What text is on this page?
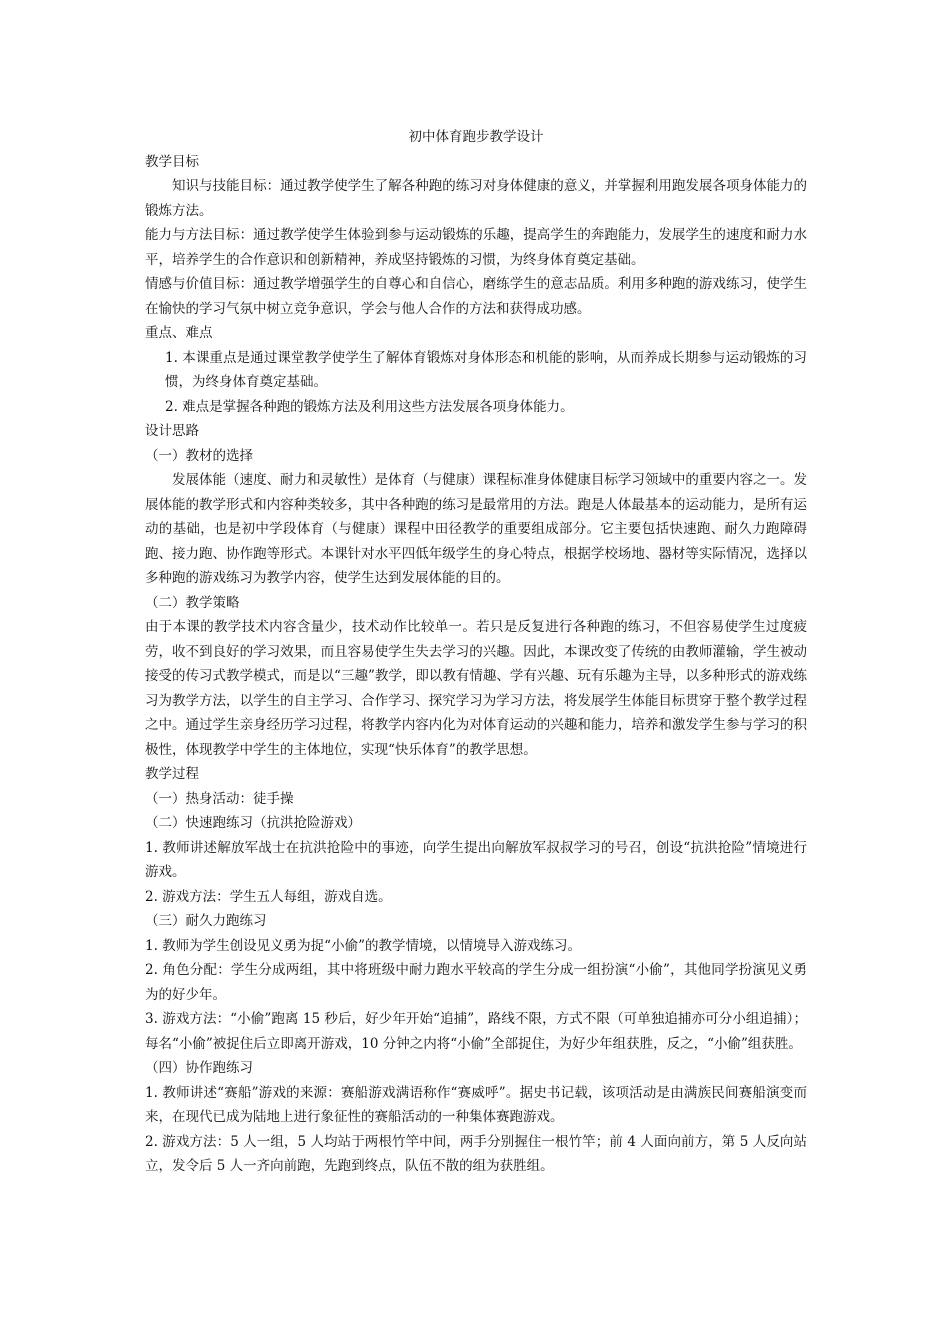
初中体育跑步教学设计

教学目标

知识与技能目标：通过教学使学生了解各种跑的练习对身体健康的意义，并掌握利用跑发展各项身体能力的锻炼方法。

能力与方法目标：通过教学使学生体验到参与运动锻炼的乐趣，提高学生的奔跑能力，发展学生的速度和耐力水平，培养学生的合作意识和创新精神，养成坚持锻炼的习惯，为终身体育奠定基础。

情感与价值目标：通过教学增强学生的自尊心和自信心，磨练学生的意志品质。利用多种跑的游戏练习，使学生在愉快的学习气氛中树立竞争意识，学会与他人合作的方法和获得成功感。

重点、难点

1. 本课重点是通过课堂教学使学生了解体育锻炼对身体形态和机能的影响，从而养成长期参与运动锻炼的习惯，为终身体育奠定基础。

2. 难点是掌握各种跑的锻炼方法及利用这些方法发展各项身体能力。

设计思路

（一）教材的选择

发展体能（速度、耐力和灵敏性）是体育（与健康）课程标准身体健康目标学习领域中的重要内容之一。发展体能的教学形式和内容种类较多，其中各种跑的练习是最常用的方法。跑是人体最基本的运动能力，是所有运动的基础，也是初中学段体育（与健康）课程中田径教学的重要组成部分。它主要包括快速跑、耐久力跑障碍跑、接力跑、协作跑等形式。本课针对水平四低年级学生的身心特点，根据学校场地、器材等实际情况，选择以多种跑的游戏练习为教学内容，使学生达到发展体能的目的。

（二）教学策略

由于本课的教学技术内容含量少，技术动作比较单一。若只是反复进行各种跑的练习，不但容易使学生过度疲劳，收不到良好的学习效果，而且容易使学生失去学习的兴趣。因此，本课改变了传统的由教师灌输，学生被动接受的传习式教学模式，而是以“三趣”教学，即以教有情趣、学有兴趣、玩有乐趣为主导，以多种形式的游戏练习为教学方法，以学生的自主学习、合作学习、探究学习为学习方法，将发展学生体能目标贯穿于整个教学过程之中。通过学生亲身经历学习过程，将教学内容内化为对体育运动的兴趣和能力，培养和激发学生参与学习的积极性，体现教学中学生的主体地位，实现“快乐体育”的教学思想。

教学过程

（一）热身活动：徒手操

（二）快速跑练习（抗洪抢险游戏）

1. 教师讲述解放军战士在抗洪抢险中的事迹，向学生提出向解放军叔叔学习的号召，创设“抗洪抢险”情境进行游戏。

2. 游戏方法：学生五人每组，游戏自选。

（三）耐久力跑练习

1. 教师为学生创设见义勇为捉“小偷”的教学情境，以情境导入游戏练习。

2. 角色分配：学生分成两组，其中将班级中耐力跑水平较高的学生分成一组扮演“小偷”，其他同学扮演见义勇为的好少年。

3. 游戏方法：“小偷”跑离 15 秒后，好少年开始“追捕”，路线不限，方式不限（可单独追捕亦可分小组追捕）；每名“小偷”被捉住后立即离开游戏，10 分钟之内将“小偷”全部捉住，为好少年组获胜，反之，“小偷”组获胜。

（四）协作跑练习

1. 教师讲述“赛船”游戏的来源：赛船游戏满语称作“赛威呼”。据史书记载，该项活动是由满族民间赛船演变而来，在现代已成为陆地上进行象征性的赛船活动的一种集体赛跑游戏。

2. 游戏方法：5 人一组，5 人均站于两根竹竿中间，两手分别握住一根竹竿；前 4 人面向前方，第 5 人反向站立，发令后 5 人一齐向前跑，先跑到终点，队伍不散的组为获胜组。
